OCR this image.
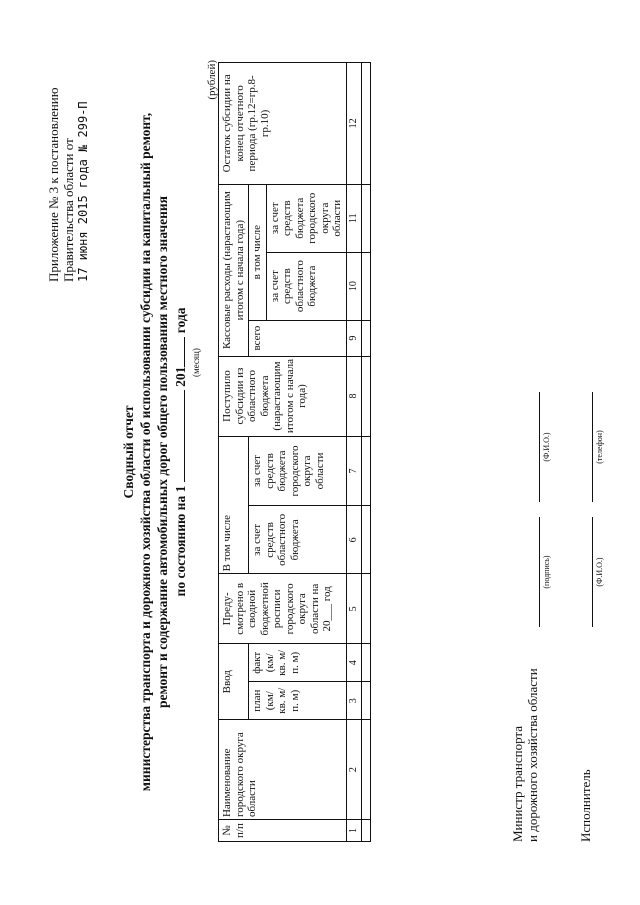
Приложение № 3 к постановлению Правительства области от 17 июня 2015 года № 299-П
Сводный отчет министерства транспорта и дорожного хозяйства области об использовании субсидии на капитальный ремонт, ремонт и содержание автомобильных дорог общего пользования местного значения по состоянию на 1  201 года
(месяц)
(рублей)
№ п/п	Наименование городского округа области	Ввод		Преду-смотрено в сводной бюджетной росписи городского округа области на 20___ год	В том числе		Поступило субсидии из областного бюджета (нарастающим итогом с начала года)	Кассовые расходы (нарастающим итогом с начала года)			Остаток субсидии на конец отчетного периода (гр.12=гр.8-гр.10)
		план (км/ кв. м/ п. м)	факт (км/ кв. м/ п. м)		за счет средств областного бюджета	за счет средств бюджета городского округа области		всего	в том числе		
									за счет средств областного бюджета	за счет средств бюджета городского округа области	
1	2	3	4	5	6	7	8	9	10	11	12

Министр транспорта и дорожного хозяйства области
(подпись)
(Ф.И.О.)
Исполнитель
(Ф.И.О.)
(телефон)
